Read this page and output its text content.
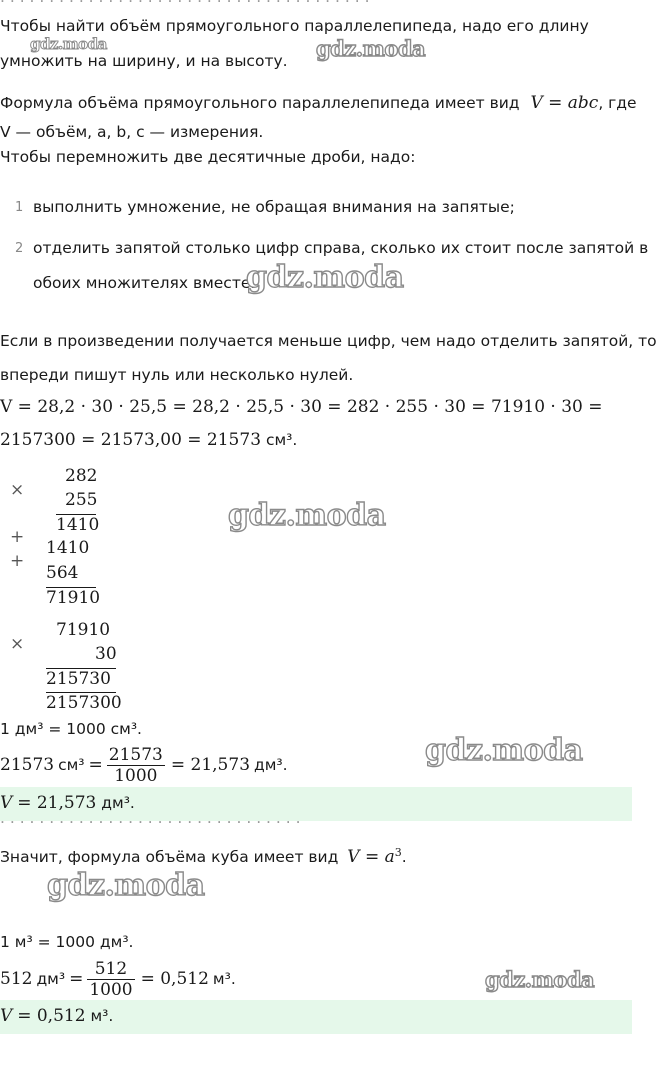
Чтобы найти объём прямоугольного параллелепипеда, надо его длину
умножить на ширину, и на высоту.
Формула объёма прямоугольного параллелепипеда имеет вид V = abc, где
V — объём, a, b, c — измерения.
Чтобы перемножить две десятичные дроби, надо:
1 выполнить умножение, не обращая внимания на запятые;
2 отделить запятой столько цифр справа, сколько их стоит после запятой в
обоих множителях вместе.
Если в произведении получается меньше цифр, чем надо отделить запятой, то
впереди пишут нуль или несколько нулей.
V = 28,2 · 30 · 25,5 = 28,2 · 25,5 · 30 = 282 · 255 · 30 = 71910 · 30 =
2157300 = 21573,00 = 21573 см³.
×
282
255
1410
+
1410
+
564
71910
×
71910
30
215730
2157300
1 дм³ = 1000 см³.
21573 $см^3 = \frac{21573}{1000} = 21,573$ дм³.
V = 21,573 дм³.
. . . . . . . . . . . . . . . . . . . . . . . . . . . . . . .
Значит, формула объёма куба имеет вид $V = a^3$.
1 м³ = 1000 дм³.
512 $дм^3 = \frac{512}{1000} = 0,512$ м³.
V = 0,512 м³.
gdz.moda	gdz.moda
gdz.moda
gdz.moda
gdz.moda
gdz.moda
gdz.moda
